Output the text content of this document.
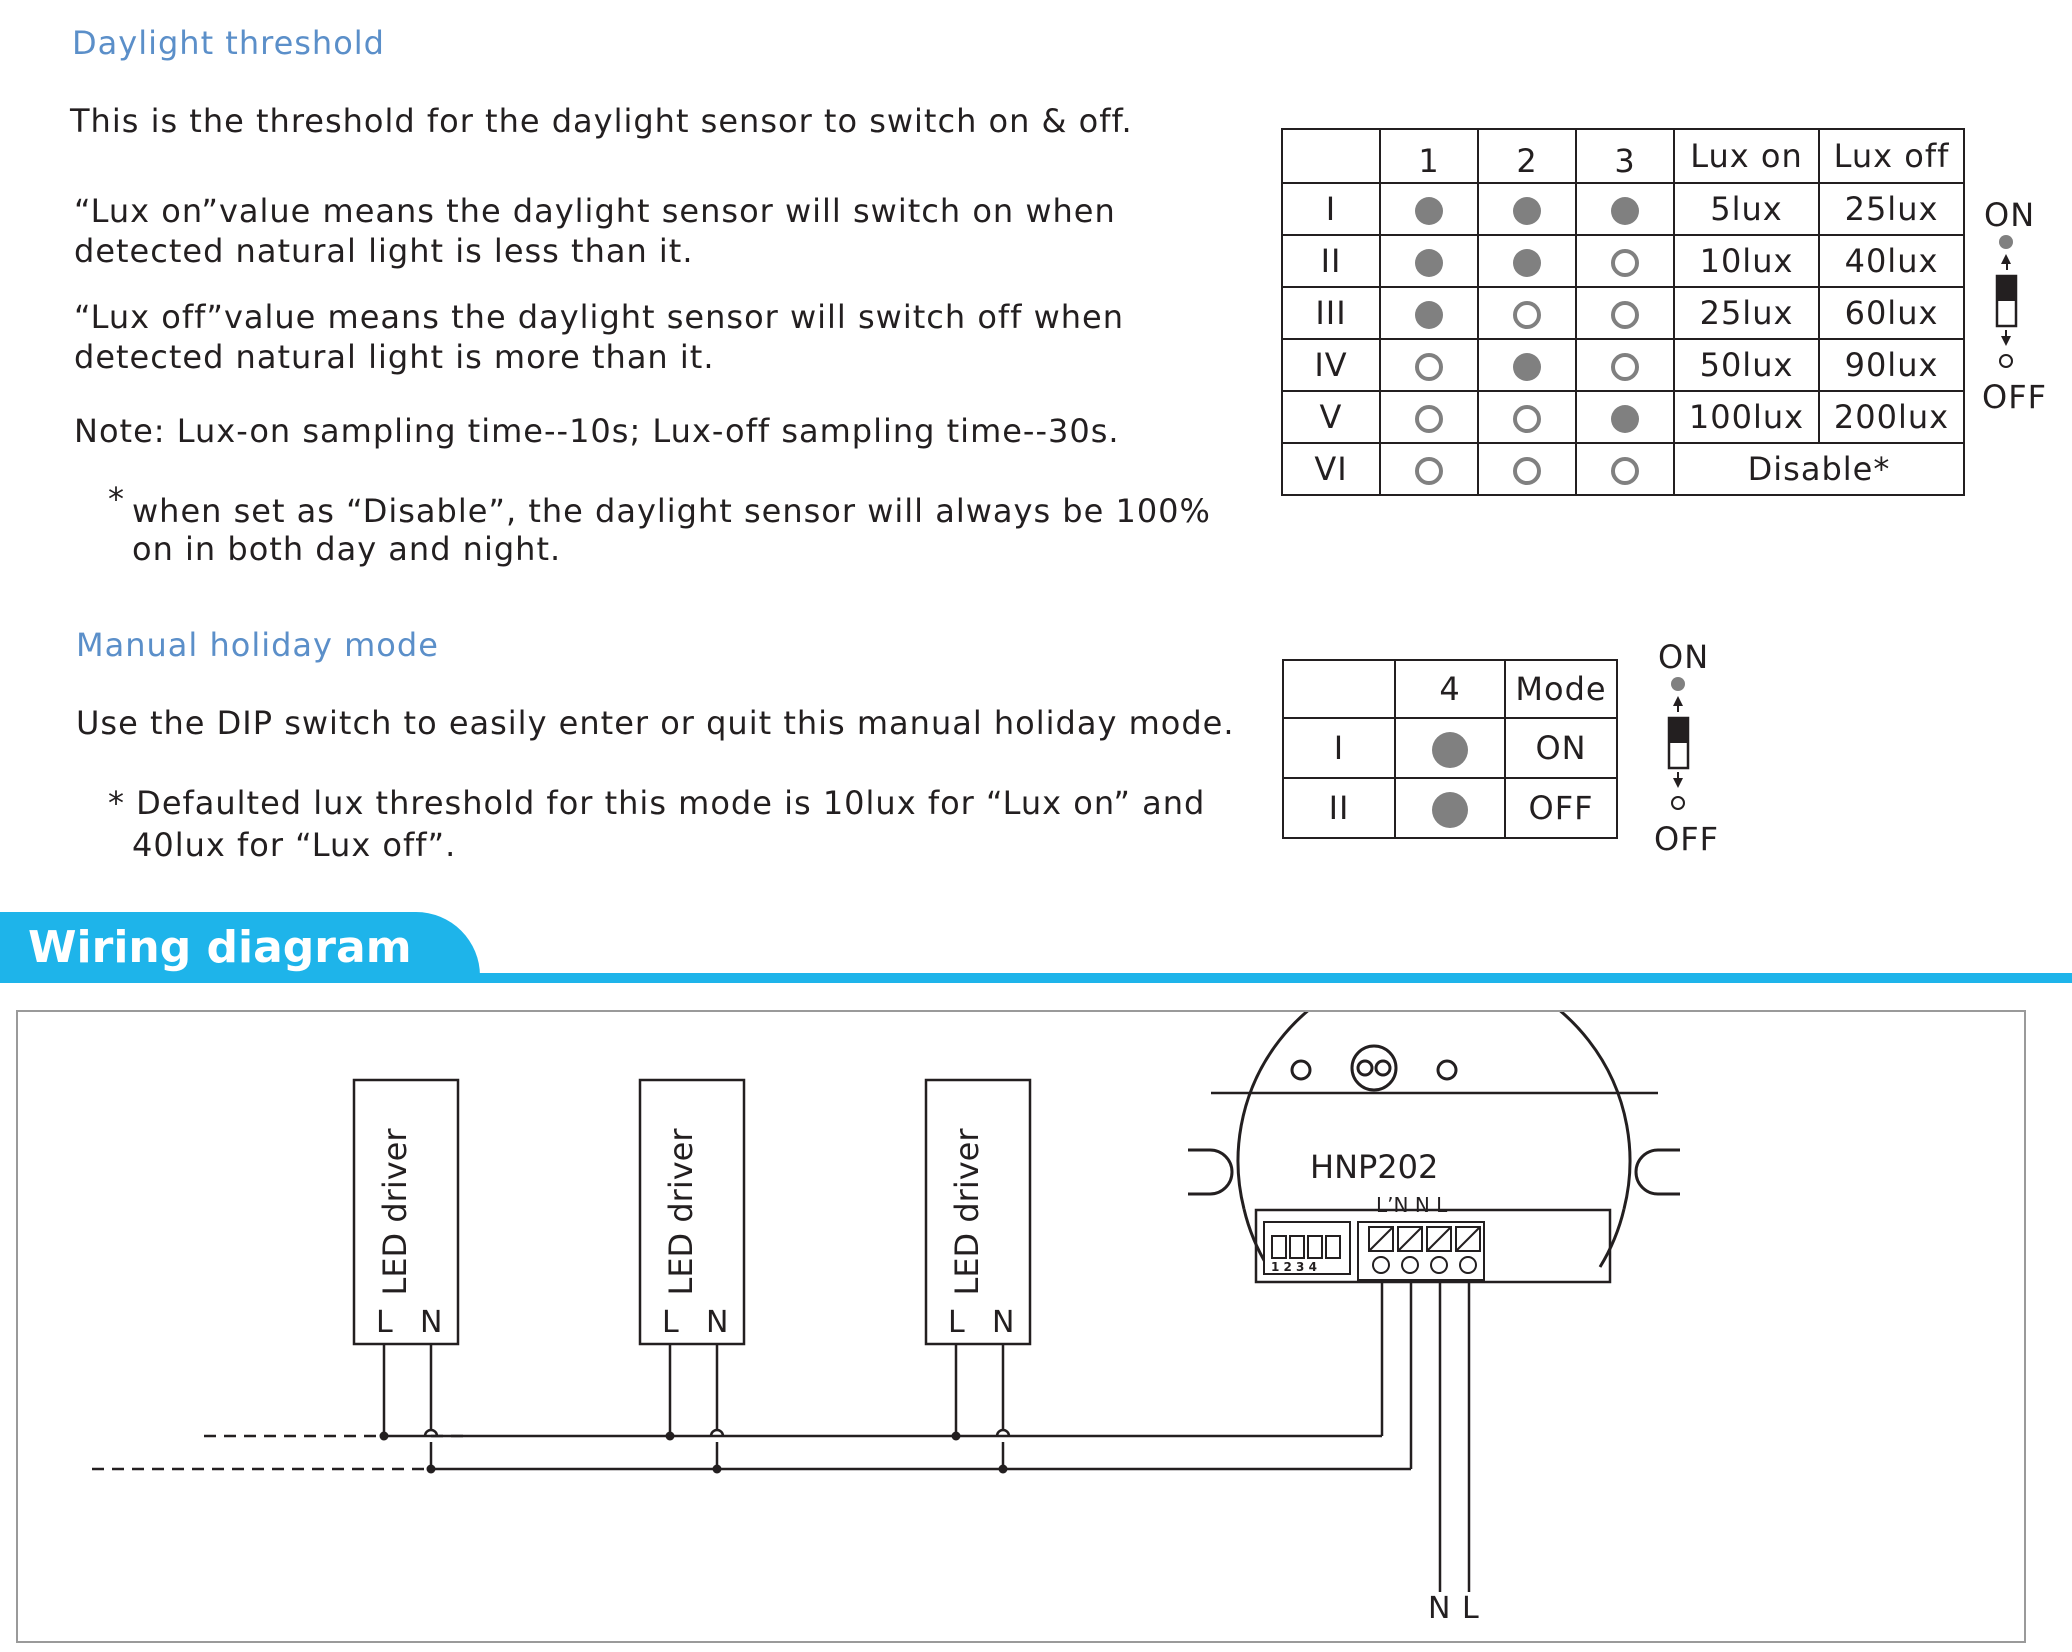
Daylight threshold
This is the threshold for the daylight sensor to switch on & off.
“Lux on”value means the daylight sensor will switch on when
detected natural light is less than it.
“Lux off”value means the daylight sensor will switch off when
detected natural light is more than it.
Note: Lux-on sampling time--10s; Lux-off sampling time--30s.
* when set as “Disable”, the daylight sensor will always be 100%
on in both day and night.
	1	2	3	Lux on	Lux off
I				5lux	25lux
II				10lux	40lux
III				25lux	60lux
IV				50lux	90lux
V				100lux	200lux
VI				Disable*	
ON
OFF
Manual holiday mode
Use the DIP switch to easily enter or quit this manual holiday mode.
* Defaulted lux threshold for this mode is 10lux for “Lux on” and
40lux for “Lux off”.
	4	Mode
I		ON
II		OFF
ON
OFF
Wiring diagram
LED driver	LED driver	LED driver
L N	L N	L N
HNP202
L’N N L
1 2 3 4
N L
